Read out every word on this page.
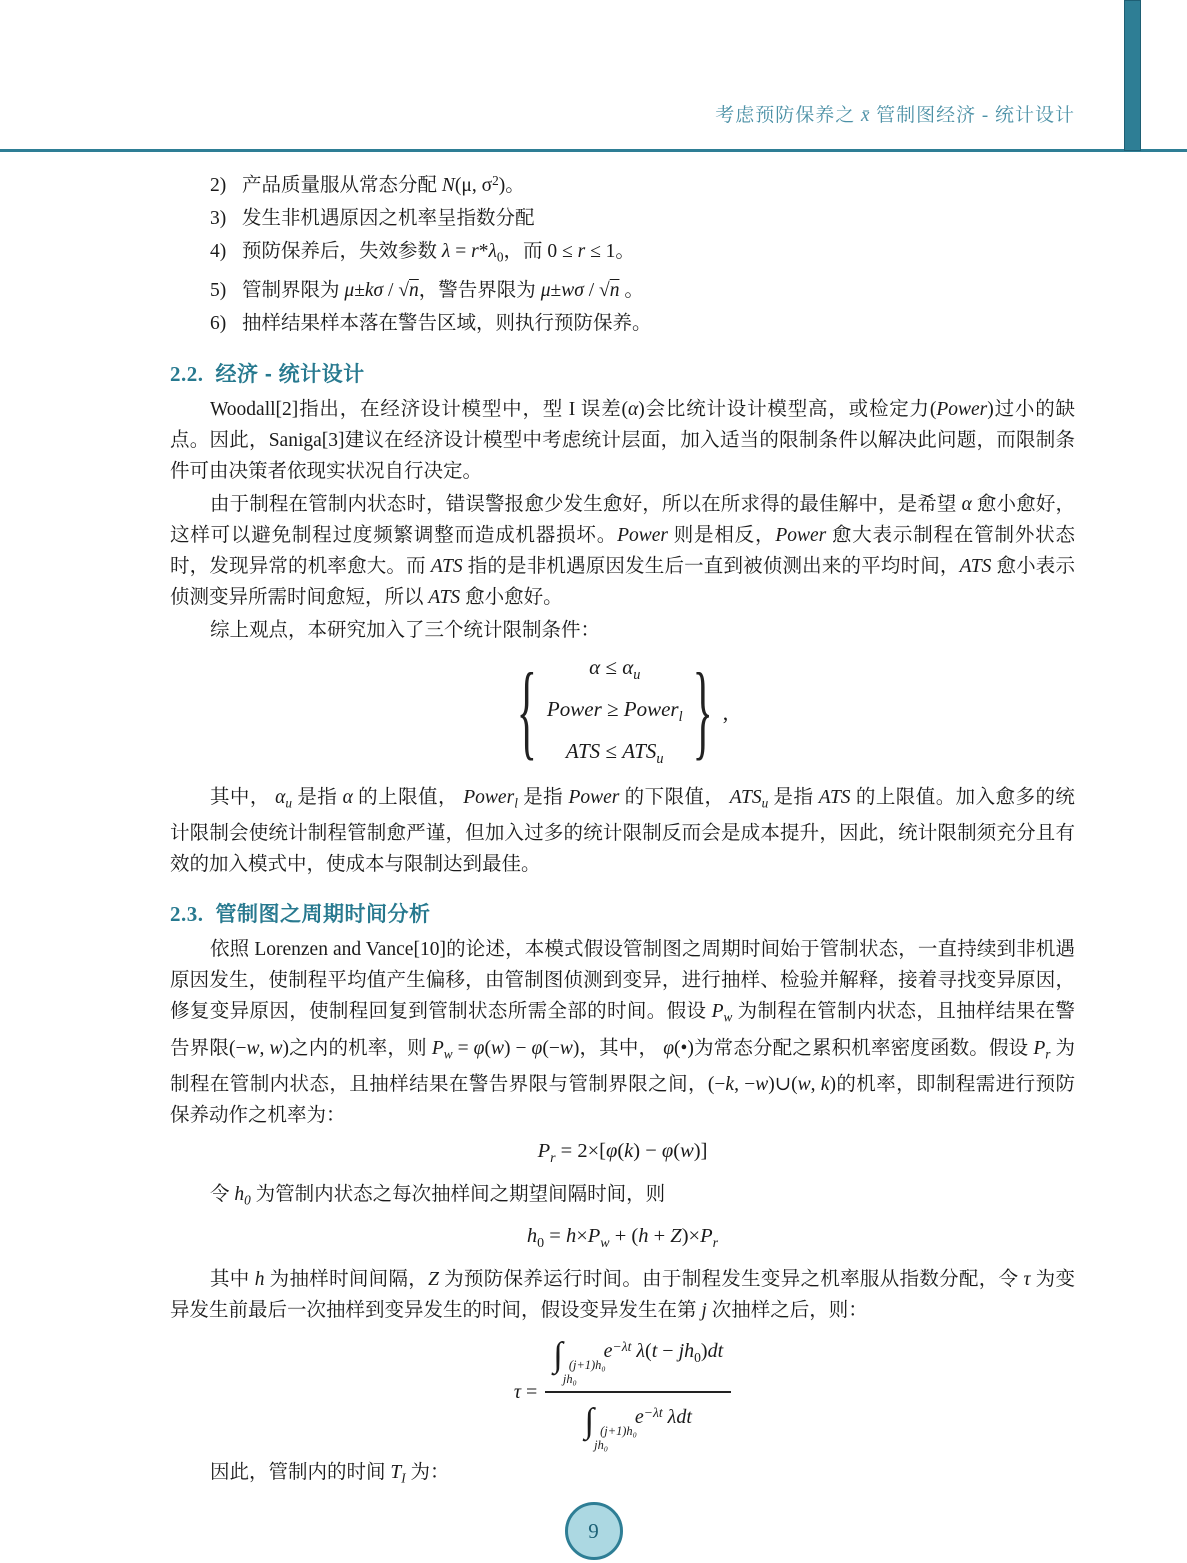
考虑预防保养之 x̄ 管制图经济 - 统计设计
2) 产品质量服从常态分配 N(μ, $\sigma^2$)。
3) 发生非机遇原因之机率呈指数分配
4) 预防保养后，失效参数 $\lambda = r*\lambda_0$，而 0 ≤ r ≤ 1。
5) 管制界限为 μ±kσ / √n，警告界限为 μ±wσ / √n 。
6) 抽样结果样本落在警告区域，则执行预防保养。
2.2. 经济 - 统计设计

Woodall[2]指出，在经济设计模型中，型 I 误差(α)会比统计设计模型高，或检定力(Power)过小的缺点。因此，Saniga[3]建议在经济设计模型中考虑统计层面，加入适当的限制条件以解决此问题，而限制条件可由决策者依现实状况自行决定。

由于制程在管制内状态时，错误警报愈少发生愈好，所以在所求得的最佳解中，是希望 α 愈小愈好，这样可以避免制程过度频繁调整而造成机器损坏。Power 则是相反，Power 愈大表示制程在管制外状态时，发现异常的机率愈大。而 ATS 指的是非机遇原因发生后一直到被侦测出来的平均时间，ATS 愈小表示侦测变异所需时间愈短，所以 ATS 愈小愈好。

综上观点，本研究加入了三个统计限制条件：

{	$\alpha \le \alpha_u$
Power ≥ Power$_l$
ATS ≤ $ATS_u$ } ,

其中， $\alpha_u$ 是指 α 的上限值， Power$_l$ 是指 Power 的下限值， $ATS_u$ 是指 ATS 的上限值。加入愈多的统计限制会使统计制程管制愈严谨，但加入过多的统计限制反而会是成本提升，因此，统计限制须充分且有效的加入模式中，使成本与限制达到最佳。

2.3. 管制图之周期时间分析

依照 Lorenzen and Vance[10]的论述，本模式假设管制图之周期时间始于管制状态，一直持续到非机遇原因发生，使制程平均值产生偏移，由管制图侦测到变异，进行抽样、检验并解释，接着寻找变异原因，修复变异原因，使制程回复到管制状态所需全部的时间。假设 $P_w$ 为制程在管制内状态，且抽样结果在警告界限(−w, w)之内的机率，则 $P_w = \varphi(w) - \varphi(-w)$，其中， φ(•)为常态分配之累积机率密度函数。假设 $P_r$ 为制程在管制内状态，且抽样结果在警告界限与管制界限之间，(−k, −w)∪(w, k)的机率，即制程需进行预防保养动作之机率为：

$P_r = 2\times[\varphi(k) - \varphi(w)]$

令 $h_0$ 为管制内状态之每次抽样间之期望间隔时间，则

$h_0 = h\times P_w + (h + Z)\times P_r$

其中 h 为抽样时间间隔，Z 为预防保养运行时间。由于制程发生变异之机率服从指数分配，令 τ 为变异发生前最后一次抽样到变异发生的时间，假设变异发生在第 j 次抽样之后，则：

τ = ∫ (j+1)h₀
jh₀
$e^{-\lambda t}$ $\lambda(t - jh_0)dt$
∫ (j+1)h₀
jh₀
$e^{-\lambda t}$ λdt

因此，管制内的时间 $T_I$ 为：

9
